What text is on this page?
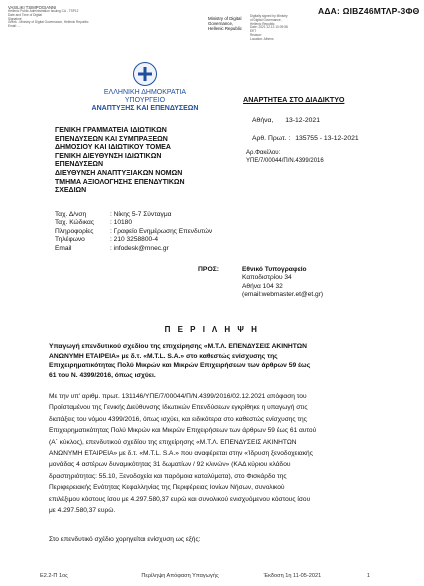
VASILIKI TSIMPOGIANNI
Hellenic Public Administration Issuing CA - TSP12
Date and Time of Digital
Signature
Greek - Ministry of Digital Governance, Hellenic Republic
Email: ...
Ministry of Digital
Governance,
Hellenic Republic
Digitally signed by Ministry
of Digital Governance,
Hellenic Republic
Date: 2021.12.13 10:09:58
EET
Reason:
Location: Athens
ΑΔΑ: ΩΙΒΖ46ΜΤΛΡ-3ΦΘ
ΕΛΛΗΝΙΚΗ ΔΗΜΟΚΡΑΤΙΑ
ΥΠΟΥΡΓΕΙΟ
ΑΝΑΠΤΥΞΗΣ ΚΑΙ ΕΠΕΝΔΥΣΕΩΝ
ΑΝΑΡΤΗΤΕΑ ΣΤΟ ΔΙΑΔΙΚΤΥΟ
Αθήνα, 13-12-2021
Αρθ. Πρωτ. : 135755 - 13-12-2021
Αρ.Φακέλου:
ΥΠΕ/7/00044/Π/Ν.4399/2016
ΓΕΝΙΚΗ ΓΡΑΜΜΑΤΕΙΑ ΙΔΙΩΤΙΚΩΝ
ΕΠΕΝΔΥΣΕΩΝ ΚΑΙ ΣΥΜΠΡΑΞΕΩΝ
ΔΗΜΟΣΙΟΥ ΚΑΙ ΙΔΙΩΤΙΚΟΥ ΤΟΜΕΑ
ΓΕΝΙΚΗ ΔΙΕΥΘΥΝΣΗ ΙΔΙΩΤΙΚΩΝ
ΕΠΕΝΔΥΣΕΩΝ
ΔΙΕΥΘΥΝΣΗ ΑΝΑΠΤΥΞΙΑΚΩΝ ΝΟΜΩΝ
ΤΜΗΜΑ ΑΞΙΟΛΟΓΗΣΗΣ ΕΠΕΝΔΥΤΙΚΩΝ
ΣΧΕΔΙΩΝ
Ταχ. Δ/νση	: Νίκης 5-7 Σύνταγμα
Ταχ. Κώδικας	: 10180
Πληροφορίες	: Γραφείο Ενημέρωσης Επενδυτών
Τηλέφωνο	: 210 3258800-4
Email	: infodesk@mnec.gr
ΠΡΟΣ:	Εθνικό Τυπογραφείο
Καποδιστρίου 34
Αθήνα 104 32
(email:webmaster.et@et.gr)
Π Ε Ρ Ι Λ Η Ψ Η
Υπαγωγή επενδυτικού σχεδίου της επιχείρησης «Μ.Τ.Λ. ΕΠΕΝΔΥΣΕΙΣ ΑΚΙΝΗΤΩΝ
ΑΝΩΝΥΜΗ ΕΤΑΙΡΕΙΑ» με δ.τ. «M.T.L. S.A.» στο καθεστώς ενίσχυσης της
Επιχειρηματικότητας Πολύ Μικρών και Μικρών Επιχειρήσεων των άρθρων 59 έως
61 του Ν. 4399/2016, όπως ισχύει.
Με την υπ' αριθμ. πρωτ. 131146/ΥΠΕ/7/00044/Π/Ν.4399/2016/02.12.2021 απόφαση του
Προϊσταμένου της Γενικής Διεύθυνσης Ιδιωτικών Επενδύσεων εγκρίθηκε η υπαγωγή στις
διατάξεις του νόμου 4399/2016, όπως ισχύει, και ειδικότερα στο καθεστώς ενίσχυσης της
Επιχειρηματικότητας Πολύ Μικρών και Μικρών Επιχειρήσεων των άρθρων 59 έως 61 αυτού
(Α΄ κύκλος), επενδυτικού σχεδίου της επιχείρησης «Μ.Τ.Λ. ΕΠΕΝΔΥΣΕΙΣ ΑΚΙΝΗΤΩΝ
ΑΝΩΝΥΜΗ ΕΤΑΙΡΕΙΑ» με δ.τ. «M.T.L. S.A.» που αναφέρεται στην «Ίδρυση ξενοδοχειακής
μονάδας 4 αστέρων δυναμικότητας 31 δωματίων / 92 κλινών» (ΚΑΔ κύριου κλάδου
δραστηριότητας: 55.10, Ξενοδοχεία και παρόμοια καταλύματα), στο Φισκάρδο της
Περιφερειακής Ενότητας Κεφαλληνίας της Περιφέρειας Ιονίων Νήσων, συνολικού
επιλέξιμου κόστους ίσου με 4.297.580,37 ευρώ και συνολικού ενισχυόμενου κόστους ίσου
με 4.297.580,37 ευρώ.
Στο επενδυτικό σχέδιο χορηγείται ενίσχυση ως εξής:
Ε2.2-Π 1ος	Περίληψη Απόφαση Υπαγωγής	Έκδοση 1η 11-05-2021	1
